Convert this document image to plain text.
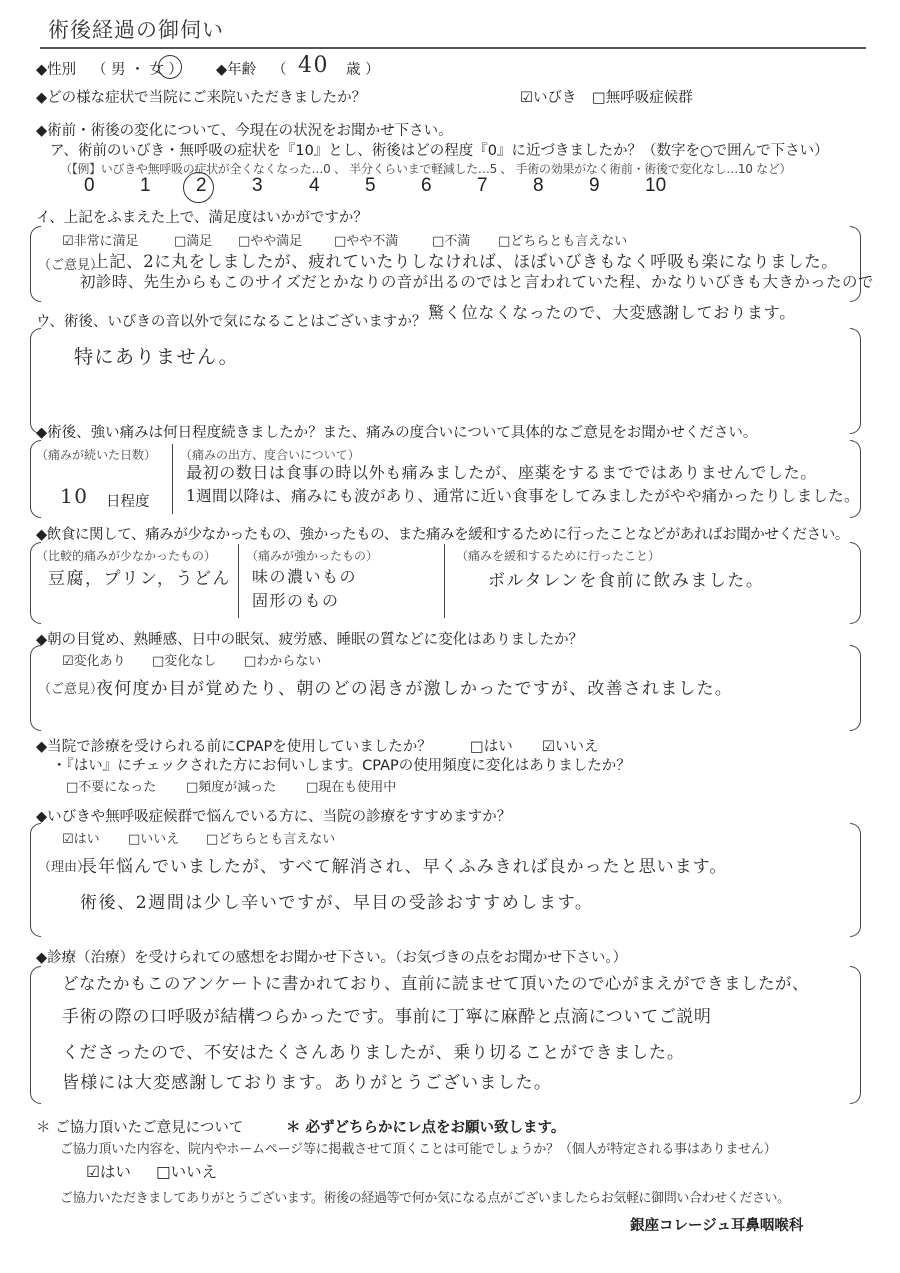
術後経過の御伺い
◆性別 （ 男 ・ 女 ） ◆年齢 （ 40 歳 ）
◆どの様な症状で当院にご来院いただきましたか？	☑いびき □無呼吸症候群
◆術前・術後の変化について、今現在の状況をお聞かせ下さい。
ア、術前のいびき・無呼吸の症状を『10』とし、術後はどの程度『0』に近づきましたか？（数字を○で囲んで下さい）
（【例】いびきや無呼吸の症状が全くなくなった…0 、 半分くらいまで軽減した…5 、 手術の効果がなく術前・術後で変化なし…10 など）
0 1 2 3 4 5 6 7 8 9 10
イ、上記をふまえた上で、満足度はいかがですか？
☑非常に満足	□満足 □やや満足 □やや不満	□不満 □どちらとも言えない
（ご意見）
上記、2に丸をしましたが、疲れていたりしなければ、ほぼいびきもなく呼吸も楽になりました。
初診時、先生からもこのサイズだとかなりの音が出るのではと言われていた程、かなりいびきも大きかったので
驚く位なくなったので、大変感謝しております。
ウ、術後、いびきの音以外で気になることはございますか？
特にありません。
◆術後、強い痛みは何日程度続きましたか？また、痛みの度合いについて具体的なご意見をお聞かせください。
（痛みが続いた日数）
10 日程度
（痛みの出方、度合いについて）
最初の数日は食事の時以外も痛みましたが、座薬をするまでではありませんでした。
1週間以降は、痛みにも波があり、通常に近い食事をしてみましたがやや痛かったりしました。
◆飲食に関して、痛みが少なかったもの、強かったもの、また痛みを緩和するために行ったことなどがあればお聞かせください。
（比較的痛みが少なかったもの）
豆腐，プリン，うどん
（痛みが強かったもの）
味の濃いもの
固形のもの
（痛みを緩和するために行ったこと）
ボルタレンを食前に飲みました。
◆朝の目覚め、熟睡感、日中の眠気、疲労感、睡眠の質などに変化はありましたか？
☑変化あり □変化なし □わからない
（ご意見）
夜何度か目が覚めたり、朝のどの渇きが激しかったですが、改善されました。
◆当院で診療を受けられる前にCPAPを使用していましたか？	□はい ☑いいえ
・『はい』にチェックされた方にお伺いします。CPAPの使用頻度に変化はありましたか？
□不要になった □頻度が減った □現在も使用中
◆いびきや無呼吸症候群で悩んでいる方に、当院の診療をすすめますか？
☑はい □いいえ □どちらとも言えない
（理由）
長年悩んでいましたが、すべて解消され、早くふみきれば良かったと思います。
術後、2週間は少し辛いですが、早目の受診おすすめします。
◆診療（治療）を受けられての感想をお聞かせ下さい。（お気づきの点をお聞かせ下さい。）
どなたかもこのアンケートに書かれており、直前に読ませて頂いたので心がまえができましたが、
手術の際の口呼吸が結構つらかったです。事前に丁寧に麻酔と点滴についてご説明
くださったので、不安はたくさんありましたが、乗り切ることができました。
皆様には大変感謝しております。ありがとうございました。
＊ ご協力頂いたご意見について	＊ 必ずどちらかにレ点をお願い致します。
ご協力頂いた内容を、院内やホームページ等に掲載させて頂くことは可能でしょうか？（個人が特定される事はありません）
☑はい □いいえ
ご協力いただきましてありがとうございます。術後の経過等で何か気になる点がございましたらお気軽に御問い合わせください。
銀座コレージュ耳鼻咽喉科
